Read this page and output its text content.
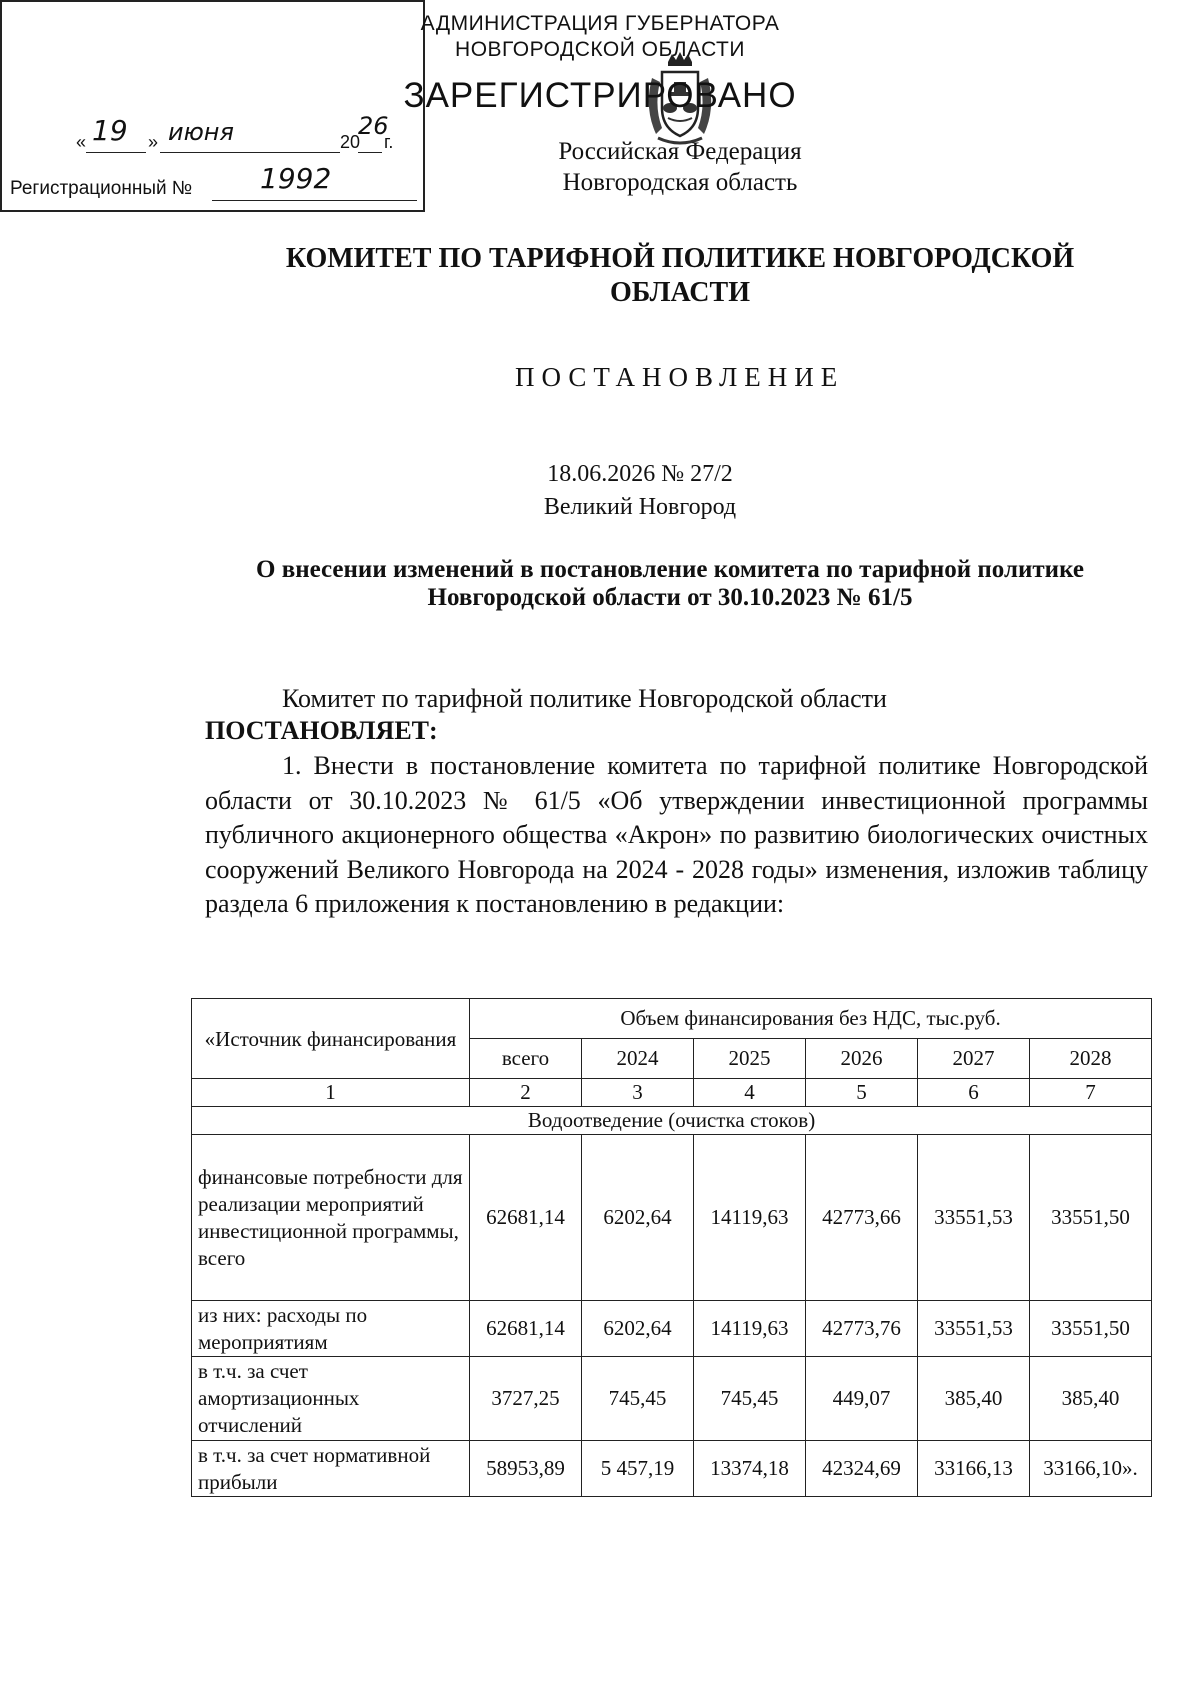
Российская Федерация
Новгородская область
КОМИТЕТ ПО ТАРИФНОЙ ПОЛИТИКЕ НОВГОРОДСКОЙ ОБЛАСТИ
АДМИНИСТРАЦИЯ ГУБЕРНАТОРА
НОВГОРОДСКОЙ ОБЛАСТИ
ЗАРЕГИСТРИРОВАНО
« 19 » июня	20
26
г.
Регистрационный № 1992
ПОСТАНОВЛЕНИЕ
18.06.2026 № 27/2
Великий Новгород
О внесении изменений в постановление комитета по тарифной политике
Новгородской области от 30.10.2023 № 61/5
Комитет по тарифной политике Новгородской области
ПОСТАНОВЛЯЕТ:
1. Внести в постановление комитета по тарифной политике Новгородской области от 30.10.2023 № 61/5 «Об утверждении инвестиционной программы публичного акционерного общества «Акрон» по развитию биологических очистных сооружений Великого Новгорода на 2024 - 2028 годы» изменения, изложив таблицу раздела 6 приложения к постановлению в редакции:
«Источник финансирования	Объем финансирования без НДС, тыс.руб.					
	всего	2024	2025	2026	2027	2028
1	2	3	4	5	6	7
Водоотведение (очистка стоков)						
финансовые потребности для реализации мероприятий инвестиционной программы, всего	62681,14	6202,64	14119,63	42773,66	33551,53	33551,50
из них: расходы по мероприятиям	62681,14	6202,64	14119,63	42773,76	33551,53	33551,50
в т.ч. за счет амортизационных отчислений	3727,25	745,45	745,45	449,07	385,40	385,40
в т.ч. за счет нормативной прибыли	58953,89	5 457,19	13374,18	42324,69	33166,13	33166,10».
